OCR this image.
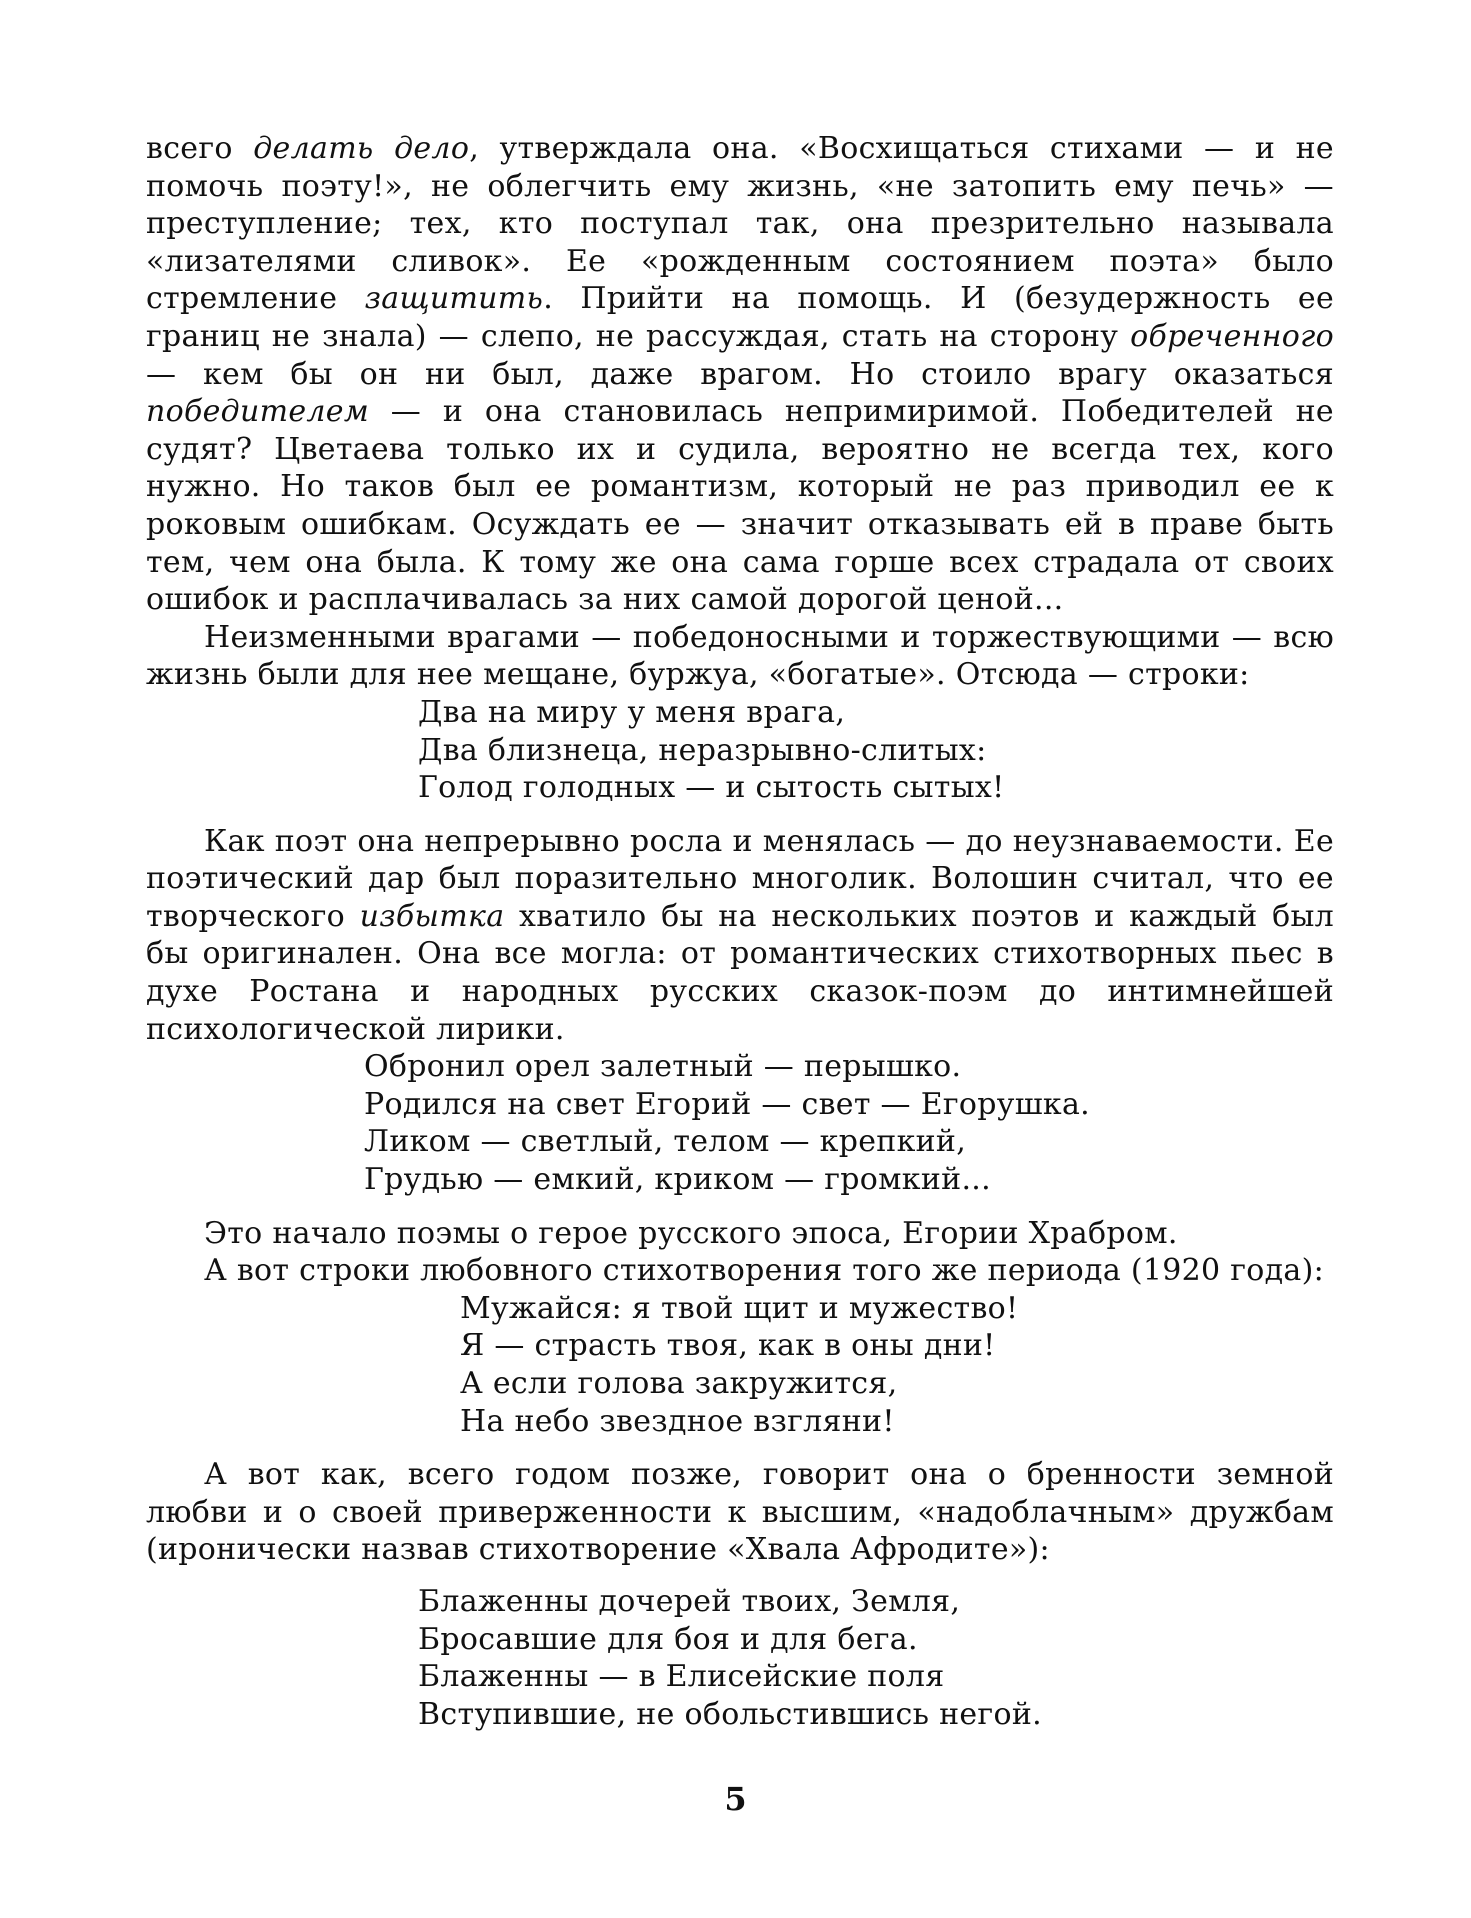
всего делать дело, утверждала она. «Восхищаться стихами — и не помочь поэту!», не облегчить ему жизнь, «не затопить ему печь» — преступление; тех, кто поступал так, она презрительно называла «лизателями сливок». Ее «рожденным состоянием поэта» было стремление защитить. Прийти на помощь. И (безудержность ее границ не знала) — слепо, не рассуждая, стать на сторону обреченного — кем бы он ни был, даже врагом. Но стоило врагу оказаться победителем — и она становилась непримиримой. Победителей не судят? Цветаева только их и судила, вероятно не всегда тех, кого нужно. Но таков был ее романтизм, который не раз приводил ее к роковым ошибкам. Осуждать ее — значит отказывать ей в праве быть тем, чем она была. К тому же она сама горше всех страдала от своих ошибок и расплачивалась за них самой дорогой ценой...

Неизменными врагами — победоносными и торжествующими — всю жизнь были для нее мещане, буржуа, «богатые». Отсюда — строки:

Два на миру у меня врага,
Два близнеца, неразрывно-слитых:
Голод голодных — и сытость сытых!

Как поэт она непрерывно росла и менялась — до неузнаваемости. Ее поэтический дар был поразительно многолик. Волошин считал, что ее творческого избытка хватило бы на нескольких поэтов и каждый был бы оригинален. Она все могла: от романтических стихотворных пьес в духе Ростана и народных русских сказок-поэм до интимнейшей психологической лирики.

Обронил орел залетный — перышко.
Родился на свет Егорий — свет — Егорушка.
Ликом — светлый, телом — крепкий,
Грудью — емкий, криком — громкий...

Это начало поэмы о герое русского эпоса, Егории Храбром.

А вот строки любовного стихотворения того же периода (1920 года):

Мужайся: я твой щит и мужество!
Я — страсть твоя, как в оны дни!
А если голова закружится,
На небо звездное взгляни!

А вот как, всего годом позже, говорит она о бренности земной любви и о своей приверженности к высшим, «надоблачным» дружбам (иронически назвав стихотворение «Хвала Афродите»):

Блаженны дочерей твоих, Земля,
Бросавшие для боя и для бега.
Блаженны — в Елисейские поля
Вступившие, не обольстившись негой.
5
